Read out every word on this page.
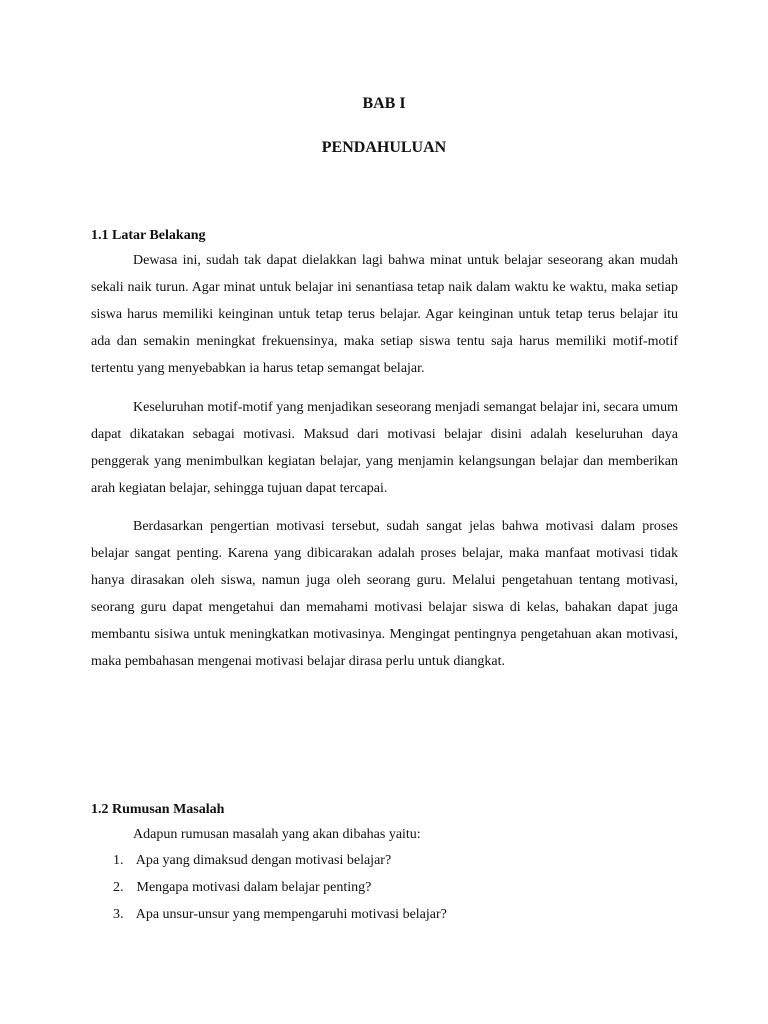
BAB I
PENDAHULUAN
1.1 Latar Belakang

Dewasa ini, sudah tak dapat dielakkan lagi bahwa minat untuk belajar seseorang akan mudah sekali naik turun. Agar minat untuk belajar ini senantiasa tetap naik dalam waktu ke waktu, maka setiap siswa harus memiliki keinginan untuk tetap terus belajar. Agar keinginan untuk tetap terus belajar itu ada dan semakin meningkat frekuensinya, maka setiap siswa tentu saja harus memiliki motif-motif tertentu yang menyebabkan ia harus tetap semangat belajar.

Keseluruhan motif-motif yang menjadikan seseorang menjadi semangat belajar ini, secara umum dapat dikatakan sebagai motivasi. Maksud dari motivasi belajar disini adalah keseluruhan daya penggerak yang menimbulkan kegiatan belajar, yang menjamin kelangsungan belajar dan memberikan arah kegiatan belajar, sehingga tujuan dapat tercapai.

Berdasarkan pengertian motivasi tersebut, sudah sangat jelas bahwa motivasi dalam proses belajar sangat penting. Karena yang dibicarakan adalah proses belajar, maka manfaat motivasi tidak hanya dirasakan oleh siswa, namun juga oleh seorang guru. Melalui pengetahuan tentang motivasi, seorang guru dapat mengetahui dan memahami motivasi belajar siswa di kelas, bahakan dapat juga membantu sisiwa untuk meningkatkan motivasinya. Mengingat pentingnya pengetahuan akan motivasi, maka pembahasan mengenai motivasi belajar dirasa perlu untuk diangkat.

1.2 Rumusan Masalah

Adapun rumusan masalah yang akan dibahas yaitu:

1. Apa yang dimaksud dengan motivasi belajar?
2. Mengapa motivasi dalam belajar penting?
3. Apa unsur-unsur yang mempengaruhi motivasi belajar?
